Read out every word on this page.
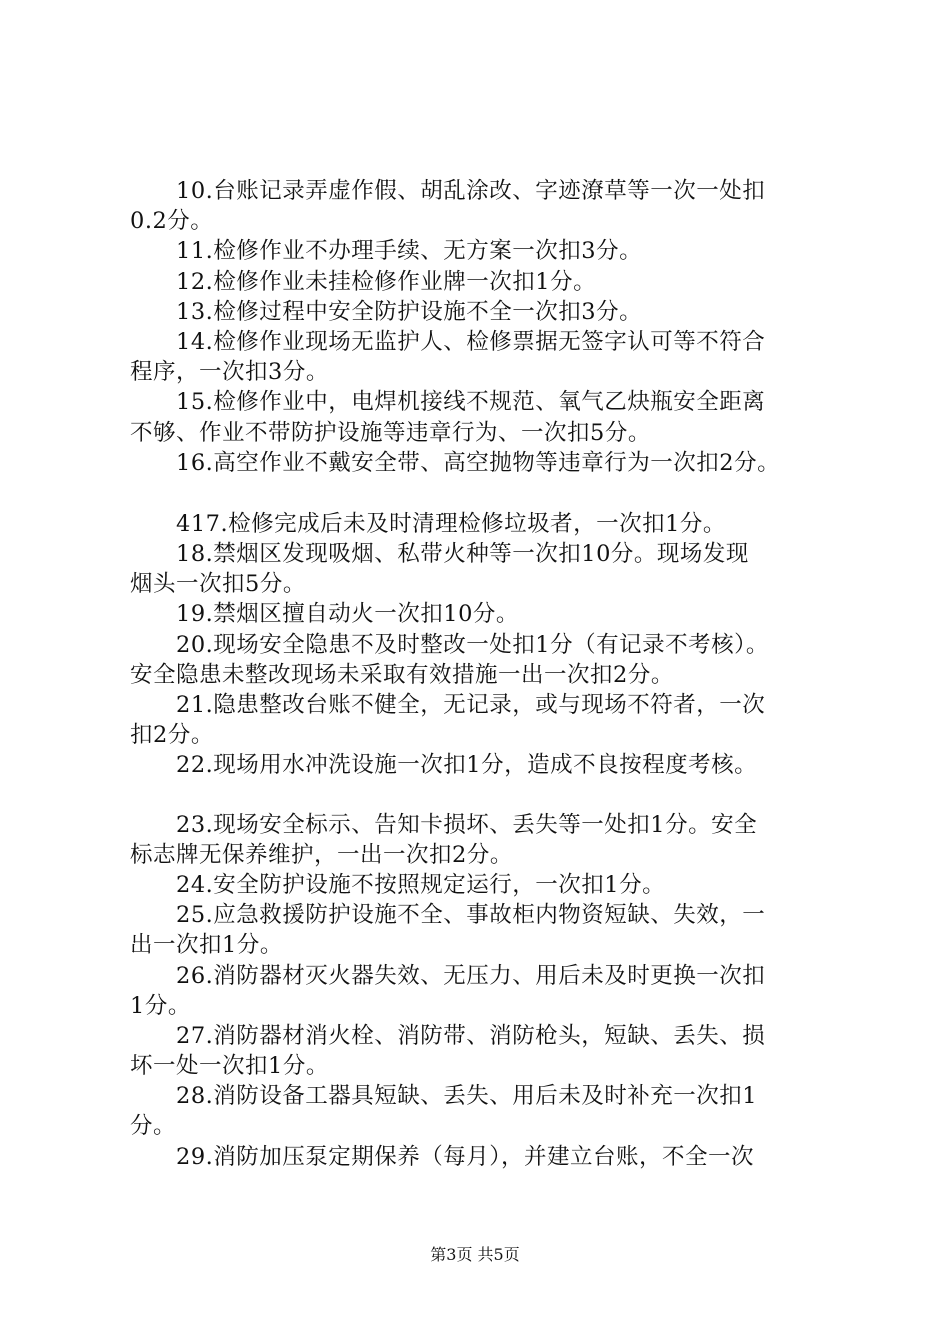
10.台账记录弄虚作假、胡乱涂改、字迹潦草等一次一处扣
0.2分。
11.检修作业不办理手续、无方案一次扣3分。
12.检修作业未挂检修作业牌一次扣1分。
13.检修过程中安全防护设施不全一次扣3分。
14.检修作业现场无监护人、检修票据无签字认可等不符合
程序，一次扣3分。
15.检修作业中，电焊机接线不规范、氧气乙炔瓶安全距离
不够、作业不带防护设施等违章行为、一次扣5分。
16.高空作业不戴安全带、高空抛物等违章行为一次扣2分。
417.检修完成后未及时清理检修垃圾者，一次扣1分。
18.禁烟区发现吸烟、私带火种等一次扣10分。现场发现
烟头一次扣5分。
19.禁烟区擅自动火一次扣10分。
20.现场安全隐患不及时整改一处扣1分（有记录不考核）。
安全隐患未整改现场未采取有效措施一出一次扣2分。
21.隐患整改台账不健全，无记录，或与现场不符者，一次
扣2分。
22.现场用水冲洗设施一次扣1分，造成不良按程度考核。
23.现场安全标示、告知卡损坏、丢失等一处扣1分。安全
标志牌无保养维护，一出一次扣2分。
24.安全防护设施不按照规定运行，一次扣1分。
25.应急救援防护设施不全、事故柜内物资短缺、失效，一
出一次扣1分。
26.消防器材灭火器失效、无压力、用后未及时更换一次扣
1分。
27.消防器材消火栓、消防带、消防枪头，短缺、丢失、损
坏一处一次扣1分。
28.消防设备工器具短缺、丢失、用后未及时补充一次扣1
分。
29.消防加压泵定期保养（每月），并建立台账，不全一次
第3页 共5页
